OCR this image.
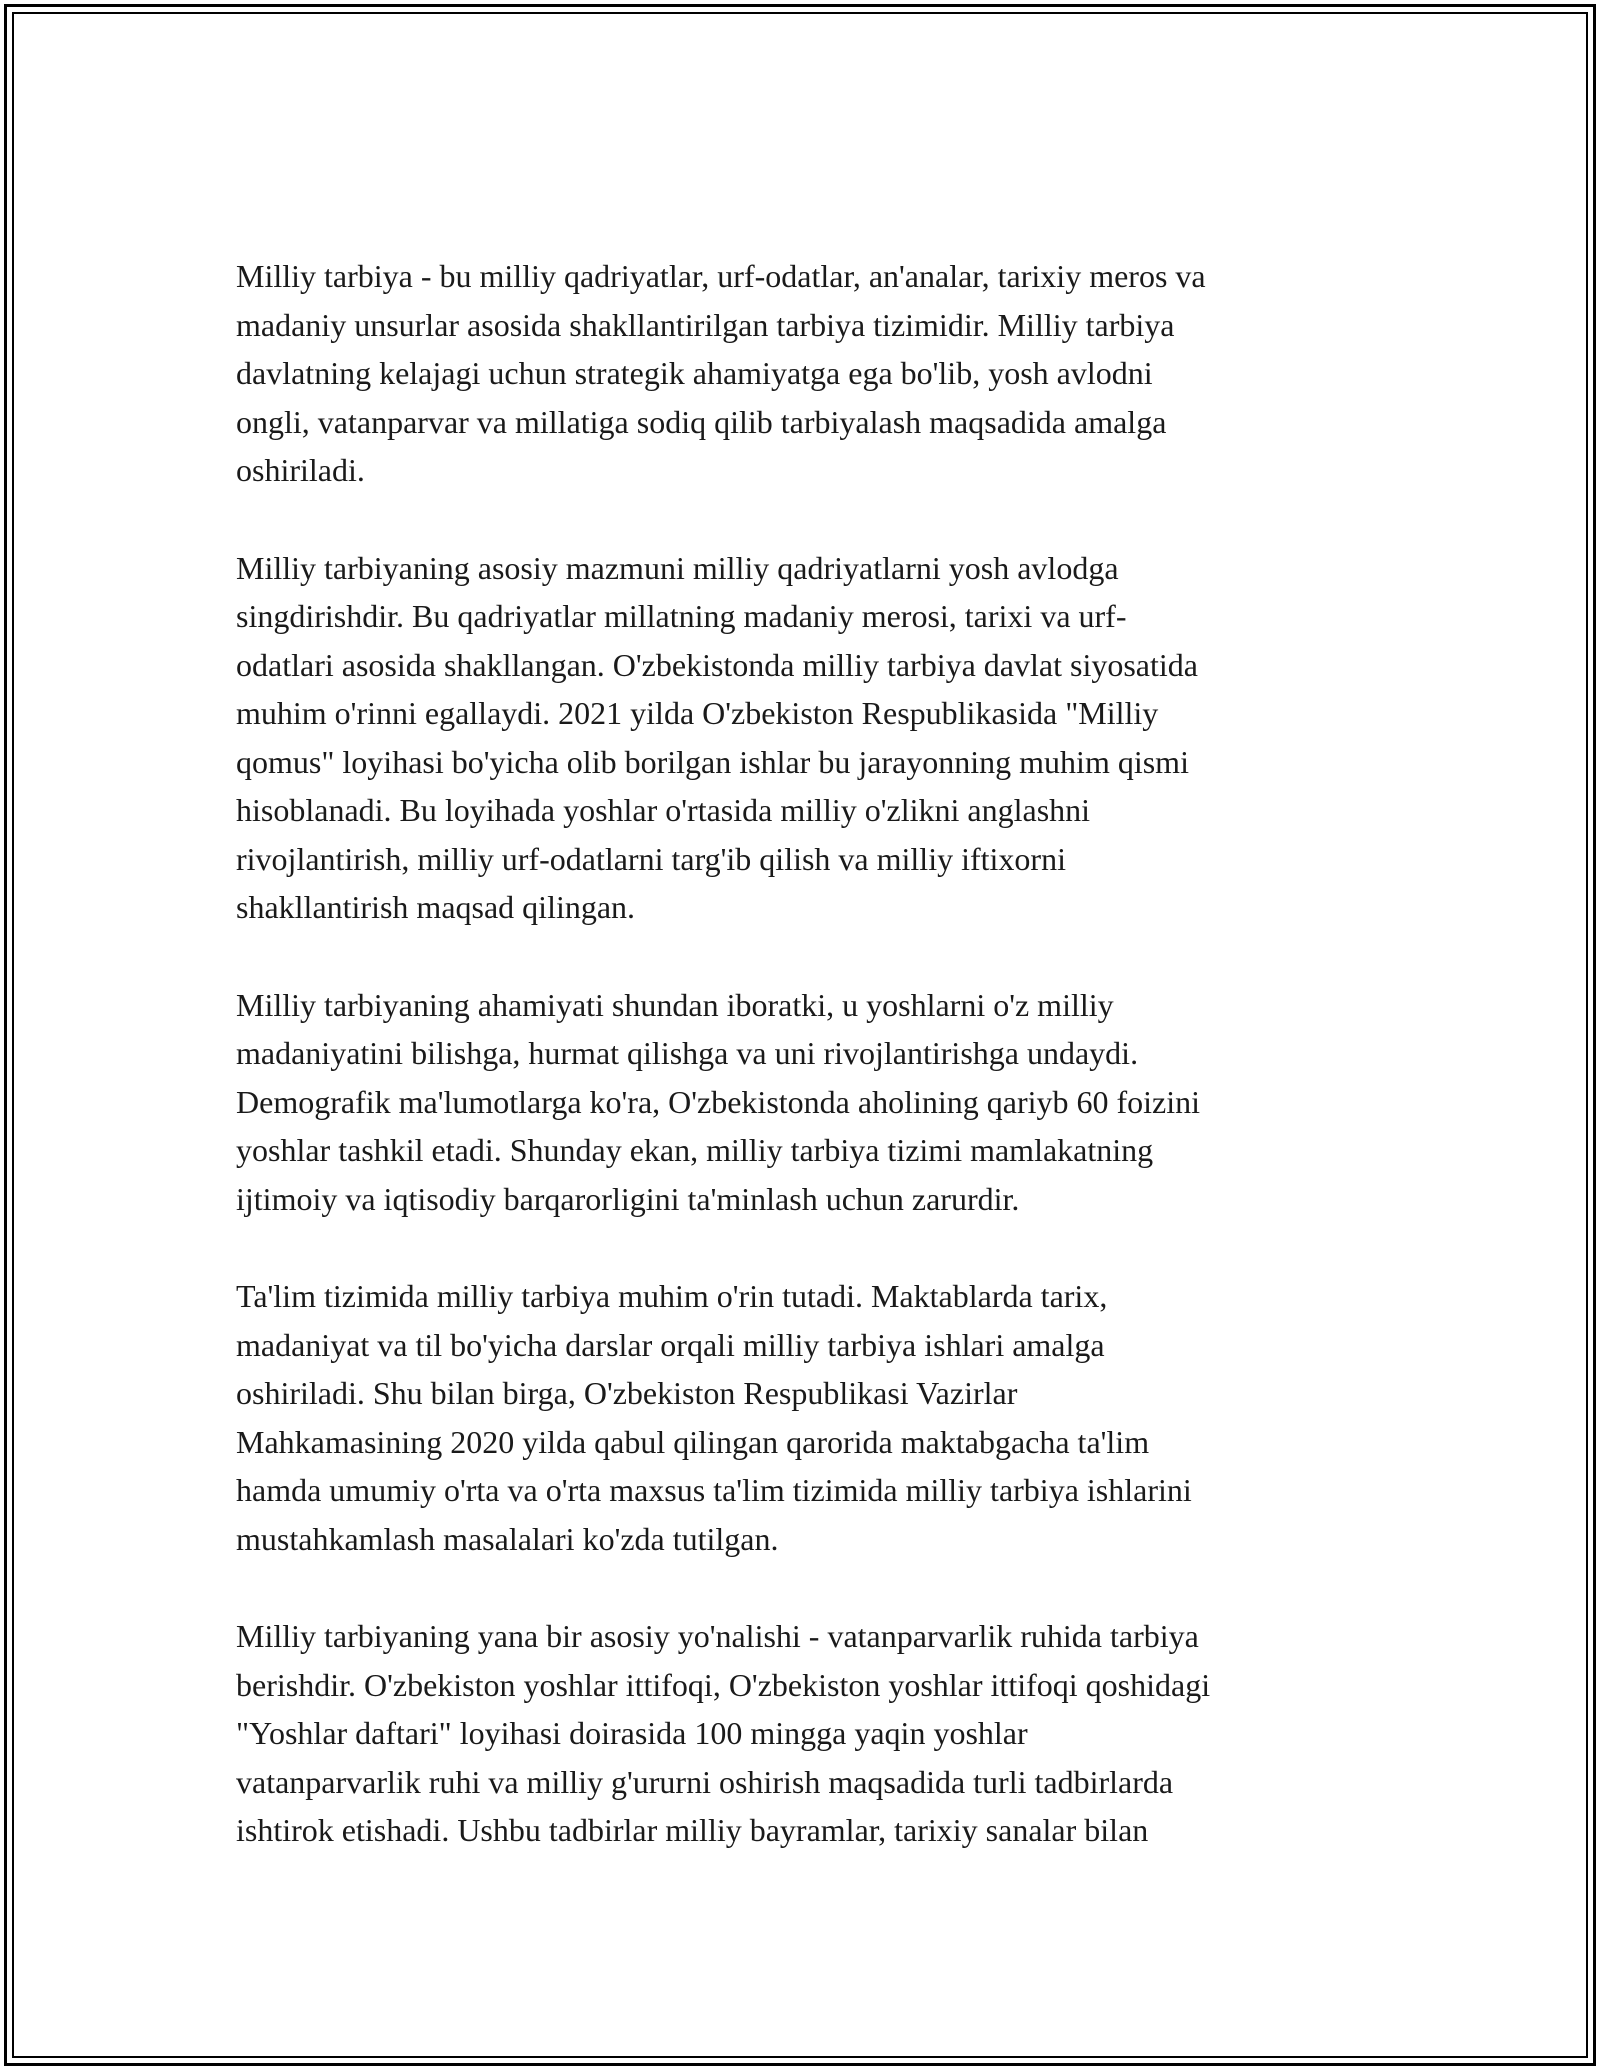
Milliy tarbiya - bu milliy qadriyatlar, urf-odatlar, an'analar, tarixiy meros va
madaniy unsurlar asosida shakllantirilgan tarbiya tizimidir. Milliy tarbiya
davlatning kelajagi uchun strategik ahamiyatga ega bo'lib, yosh avlodni
ongli, vatanparvar va millatiga sodiq qilib tarbiyalash maqsadida amalga
oshiriladi.

Milliy tarbiyaning asosiy mazmuni milliy qadriyatlarni yosh avlodga
singdirishdir. Bu qadriyatlar millatning madaniy merosi, tarixi va urf-
odatlari asosida shakllangan. O'zbekistonda milliy tarbiya davlat siyosatida
muhim o'rinni egallaydi. 2021 yilda O'zbekiston Respublikasida "Milliy
qomus" loyihasi bo'yicha olib borilgan ishlar bu jarayonning muhim qismi
hisoblanadi. Bu loyihada yoshlar o'rtasida milliy o'zlikni anglashni
rivojlantirish, milliy urf-odatlarni targ'ib qilish va milliy iftixorni
shakllantirish maqsad qilingan.

Milliy tarbiyaning ahamiyati shundan iboratki, u yoshlarni o'z milliy
madaniyatini bilishga, hurmat qilishga va uni rivojlantirishga undaydi.
Demografik ma'lumotlarga ko'ra, O'zbekistonda aholining qariyb 60 foizini
yoshlar tashkil etadi. Shunday ekan, milliy tarbiya tizimi mamlakatning
ijtimoiy va iqtisodiy barqarorligini ta'minlash uchun zarurdir.

Ta'lim tizimida milliy tarbiya muhim o'rin tutadi. Maktablarda tarix,
madaniyat va til bo'yicha darslar orqali milliy tarbiya ishlari amalga
oshiriladi. Shu bilan birga, O'zbekiston Respublikasi Vazirlar
Mahkamasining 2020 yilda qabul qilingan qarorida maktabgacha ta'lim
hamda umumiy o'rta va o'rta maxsus ta'lim tizimida milliy tarbiya ishlarini
mustahkamlash masalalari ko'zda tutilgan.

Milliy tarbiyaning yana bir asosiy yo'nalishi - vatanparvarlik ruhida tarbiya
berishdir. O'zbekiston yoshlar ittifoqi, O'zbekiston yoshlar ittifoqi qoshidagi
"Yoshlar daftari" loyihasi doirasida 100 mingga yaqin yoshlar
vatanparvarlik ruhi va milliy g'ururni oshirish maqsadida turli tadbirlarda
ishtirok etishadi. Ushbu tadbirlar milliy bayramlar, tarixiy sanalar bilan
